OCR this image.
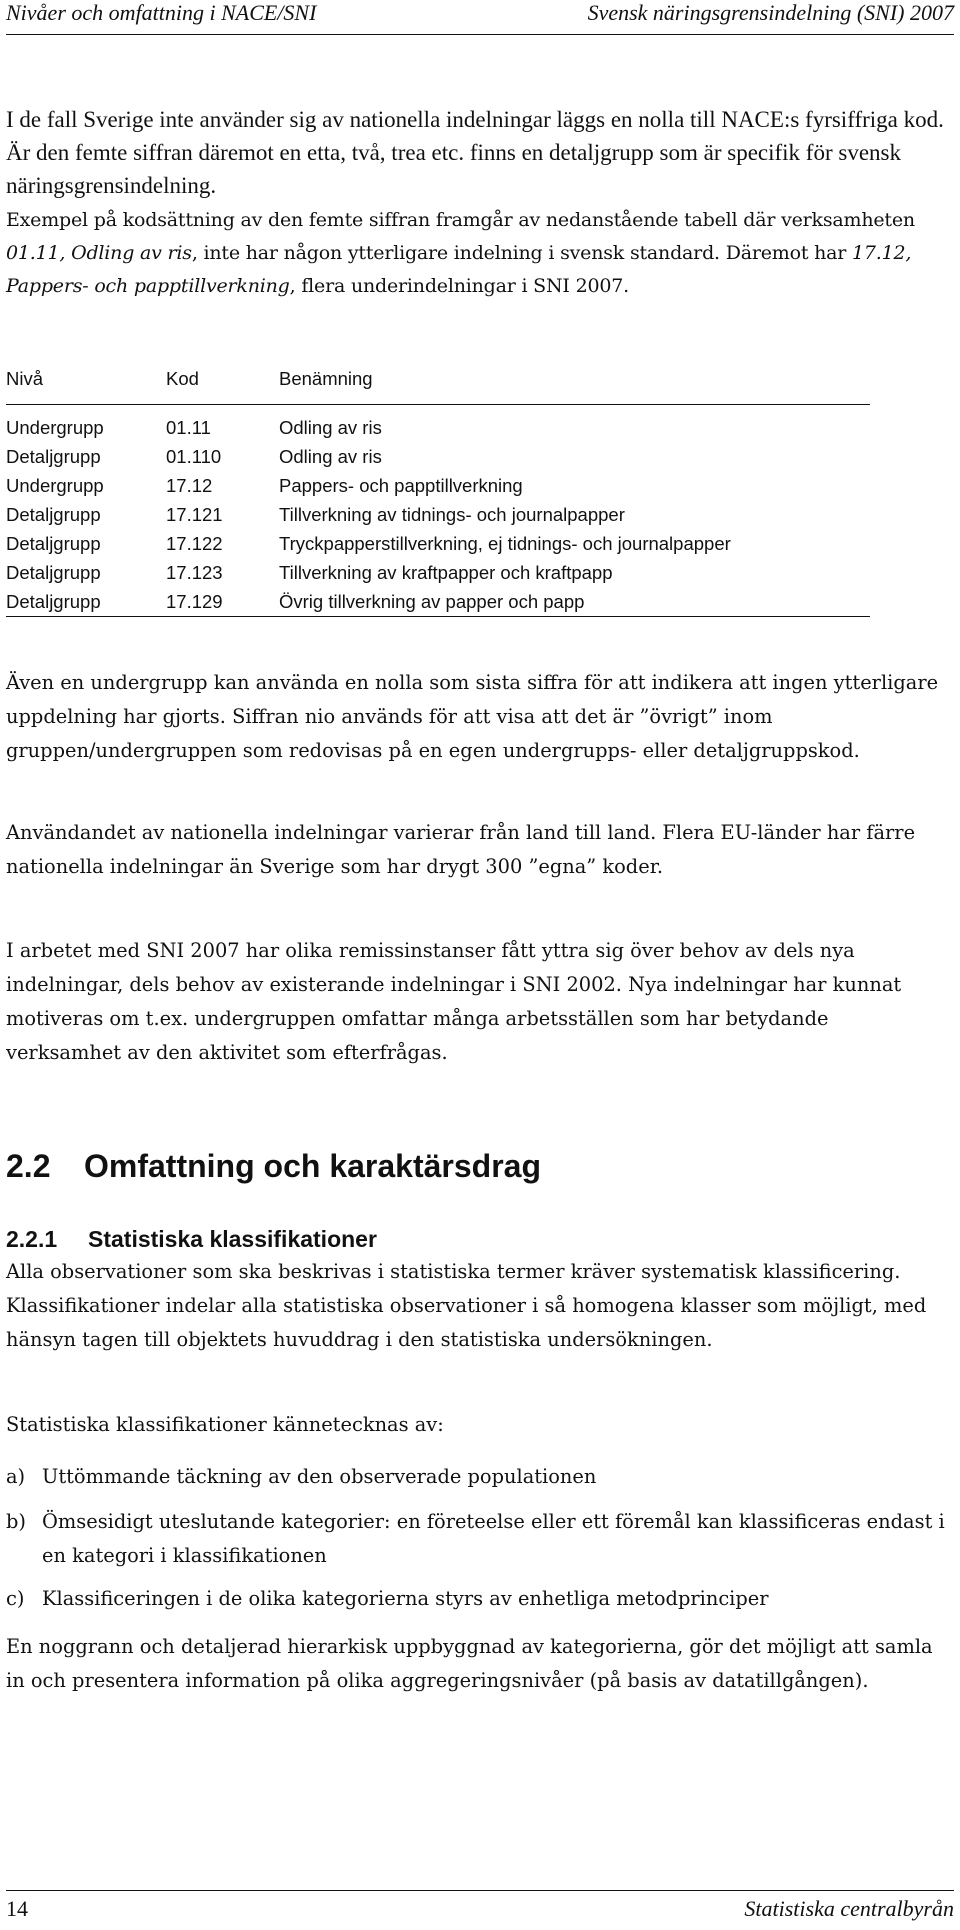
Nivåer och omfattning i NACE/SNI	Svensk näringsgrensindelning (SNI) 2007

I de fall Sverige inte använder sig av nationella indelningar läggs en nolla till NACE:s fyrsiffriga kod. Är den femte siffran däremot en etta, två, trea etc. finns en detaljgrupp som är specifik för svensk näringsgrensindelning.

Exempel på kodsättning av den femte siffran framgår av nedanstående tabell där verksamheten 01.11, Odling av ris, inte har någon ytterligare indelning i svensk standard. Däremot har 17.12, Pappers- och papptillverkning, flera underindelningar i SNI 2007.

Nivå	Kod	Benämning
Undergrupp	01.11	Odling av ris
Detaljgrupp	01.110	Odling av ris
Undergrupp	17.12	Pappers- och papptillverkning
Detaljgrupp	17.121	Tillverkning av tidnings- och journalpapper
Detaljgrupp	17.122	Tryckpapperstillverkning, ej tidnings- och journalpapper
Detaljgrupp	17.123	Tillverkning av kraftpapper och kraftpapp
Detaljgrupp	17.129	Övrig tillverkning av papper och papp

Även en undergrupp kan använda en nolla som sista siffra för att indikera att ingen ytterligare uppdelning har gjorts. Siffran nio används för att visa att det är ”övrigt” inom gruppen/undergruppen som redovisas på en egen undergrupps- eller detaljgruppskod.

Användandet av nationella indelningar varierar från land till land. Flera EU-länder har färre nationella indelningar än Sverige som har drygt 300 ”egna” koder.

I arbetet med SNI 2007 har olika remissinstanser fått yttra sig över behov av dels nya indelningar, dels behov av existerande indelningar i SNI 2002. Nya indelningar har kunnat motiveras om t.ex. undergruppen omfattar många arbetsställen som har betydande verksamhet av den aktivitet som efterfrågas.

2.2 Omfattning och karaktärsdrag
2.2.1 Statistiska klassifikationer

Alla observationer som ska beskrivas i statistiska termer kräver systematisk klassificering. Klassifikationer indelar alla statistiska observationer i så homogena klasser som möjligt, med hänsyn tagen till objektets huvuddrag i den statistiska undersökningen.

Statistiska klassifikationer kännetecknas av:

a) Uttömmande täckning av den observerade populationen
b) Ömsesidigt uteslutande kategorier: en företeelse eller ett föremål kan klassificeras endast i en kategori i klassifikationen
c) Klassificeringen i de olika kategorierna styrs av enhetliga metodprinciper

En noggrann och detaljerad hierarkisk uppbyggnad av kategorierna, gör det möjligt att samla in och presentera information på olika aggregeringsnivåer (på basis av datatillgången).

14	Statistiska centralbyrån
